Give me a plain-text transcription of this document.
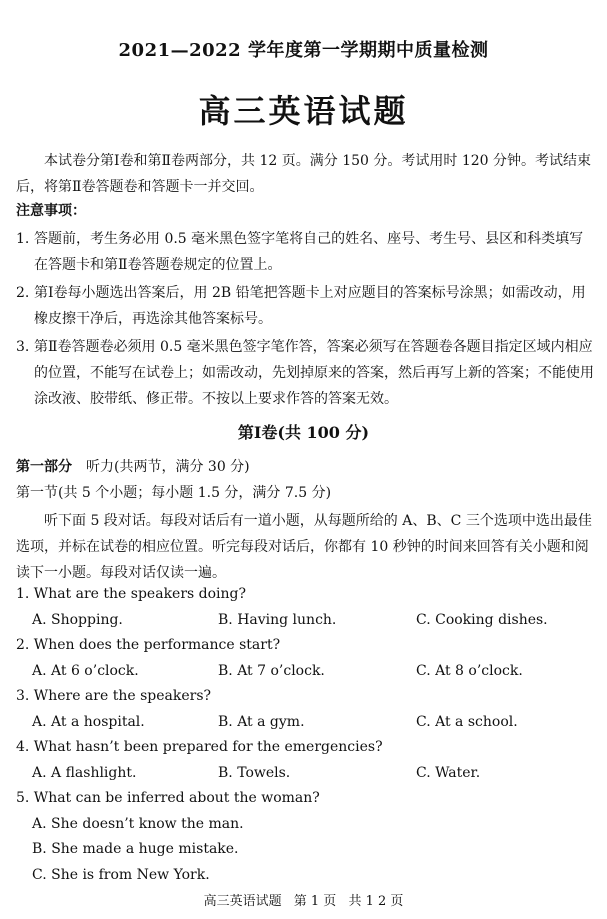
2021—2022 学年度第一学期期中质量检测
高三英语试题

本试卷分第Ⅰ卷和第Ⅱ卷两部分，共 12 页。满分 150 分。考试用时 120 分钟。考试结束后，将第Ⅱ卷答题卷和答题卡一并交回。

注意事项：

1. 答题前，考生务必用 0.5 毫米黑色签字笔将自己的姓名、座号、考生号、县区和科类填写在答题卡和第Ⅱ卷答题卷规定的位置上。

2. 第Ⅰ卷每小题选出答案后，用 2B 铅笔把答题卡上对应题目的答案标号涂黑；如需改动，用橡皮擦干净后，再选涂其他答案标号。

3. 第Ⅱ卷答题卷必须用 0.5 毫米黑色签字笔作答，答案必须写在答题卷各题目指定区域内相应的位置，不能写在试卷上；如需改动，先划掉原来的答案，然后再写上新的答案；不能使用涂改液、胶带纸、修正带。不按以上要求作答的答案无效。

第Ⅰ卷(共 100 分)
第一部分 听力(共两节，满分 30 分)
第一节(共 5 个小题；每小题 1.5 分，满分 7.5 分)

听下面 5 段对话。每段对话后有一道小题，从每题所给的 A、B、C 三个选项中选出最佳选项，并标在试卷的相应位置。听完每段对话后，你都有 10 秒钟的时间来回答有关小题和阅读下一小题。每段对话仅读一遍。

1. What are the speakers doing?
A. Shopping.	B. Having lunch.	C. Cooking dishes.
2. When does the performance start?
A. At 6 o’clock.	B. At 7 o’clock.	C. At 8 o’clock.
3. Where are the speakers?
A. At a hospital.	B. At a gym.	C. At a school.
4. What hasn’t been prepared for the emergencies?
A. A flashlight.	B. Towels.	C. Water.
5. What can be inferred about the woman?
A. She doesn’t know the man.
B. She made a huge mistake.
C. She is from New York.
高三英语试题 第 1 页 共 1 2 页
